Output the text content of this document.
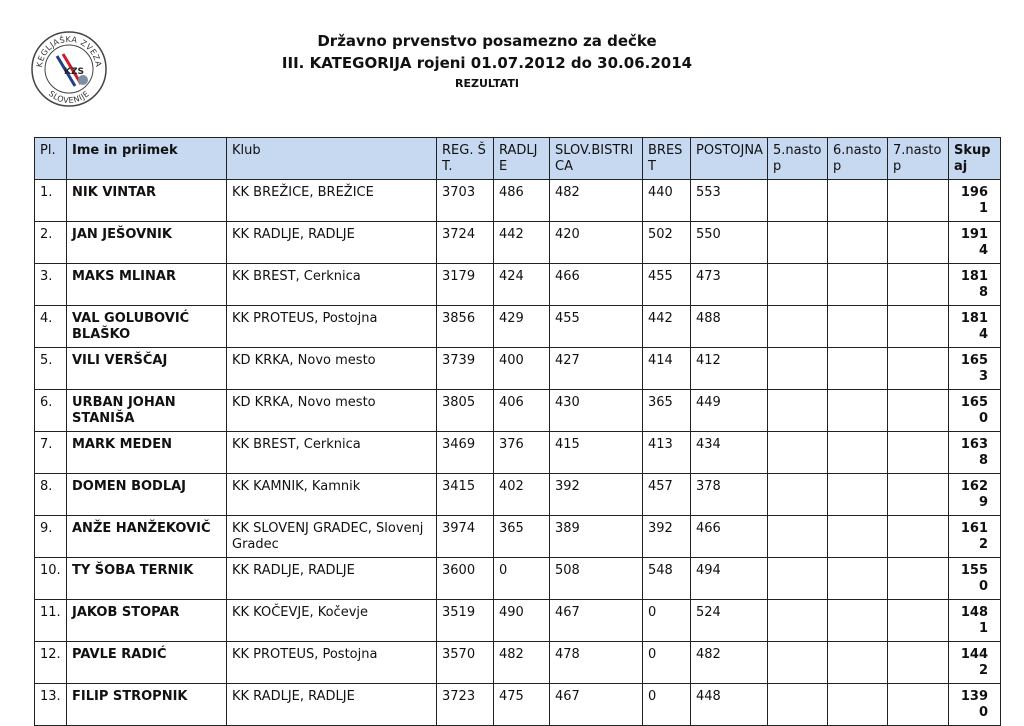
KEGLJAŠKA ZVEZA
SLOVENIJE
KZS
Državno prvenstvo posamezno za dečke
III. KATEGORIJA rojeni 01.07.2012 do 30.06.2014
REZULTATI
Pl.	Ime in priimek	Klub	REG. ŠT.	RADLJE	SLOV.BISTRICA	BREST	POSTOJNA	5.nastop	6.nastop	7.nastop	Skupaj
1.	NIK VINTAR	KK BREŽICE, BREŽICE	3703	486	482	440	553				1961
2.	JAN JEŠOVNIK	KK RADLJE, RADLJE	3724	442	420	502	550				1914
3.	MAKS MLINAR	KK BREST, Cerknica	3179	424	466	455	473				1818
4.	VAL GOLUBOVIĆ BLAŠKO	KK PROTEUS, Postojna	3856	429	455	442	488				1814
5.	VILI VERŠČAJ	KD KRKA, Novo mesto	3739	400	427	414	412				1653
6.	URBAN JOHAN STANIŠA	KD KRKA, Novo mesto	3805	406	430	365	449				1650
7.	MARK MEDEN	KK BREST, Cerknica	3469	376	415	413	434				1638
8.	DOMEN BODLAJ	KK KAMNIK, Kamnik	3415	402	392	457	378				1629
9.	ANŽE HANŽEKOVIČ	KK SLOVENJ GRADEC, Slovenj Gradec	3974	365	389	392	466				1612
10.	TY ŠOBA TERNIK	KK RADLJE, RADLJE	3600	0	508	548	494				1550
11.	JAKOB STOPAR	KK KOČEVJE, Kočevje	3519	490	467	0	524				1481
12.	PAVLE RADIĆ	KK PROTEUS, Postojna	3570	482	478	0	482				1442
13.	FILIP STROPNIK	KK RADLJE, RADLJE	3723	475	467	0	448				1390
